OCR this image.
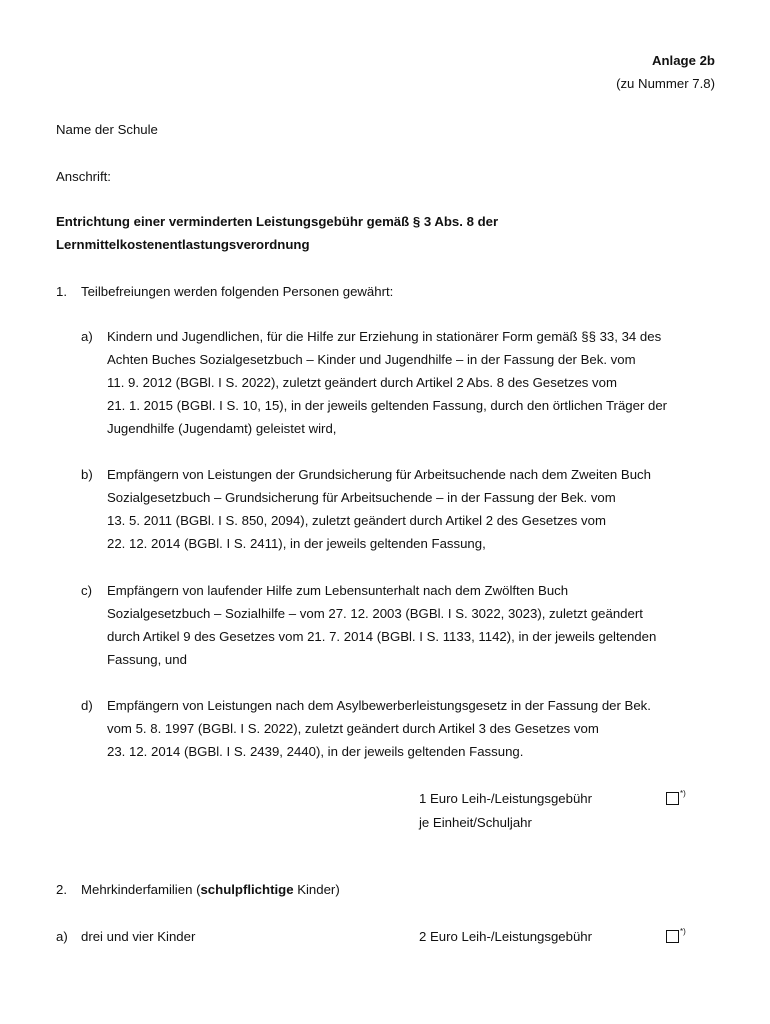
Anlage 2b
(zu Nummer 7.8)
Name der Schule
Anschrift:
Entrichtung einer verminderten Leistungsgebühr gemäß § 3 Abs. 8 der
Lernmittelkostenentlastungsverordnung
1. Teilbefreiungen werden folgenden Personen gewährt:
a) Kindern und Jugendlichen, für die Hilfe zur Erziehung in stationärer Form gemäß §§ 33, 34 des
Achten Buches Sozialgesetzbuch – Kinder und Jugendhilfe – in der Fassung der Bek. vom
11. 9. 2012 (BGBl. I S. 2022), zuletzt geändert durch Artikel 2 Abs. 8 des Gesetzes vom
21. 1. 2015 (BGBl. I S. 10, 15), in der jeweils geltenden Fassung, durch den örtlichen Träger der
Jugendhilfe (Jugendamt) geleistet wird,
b) Empfängern von Leistungen der Grundsicherung für Arbeitsuchende nach dem Zweiten Buch
Sozialgesetzbuch – Grundsicherung für Arbeitsuchende – in der Fassung der Bek. vom
13. 5. 2011 (BGBl. I S. 850, 2094), zuletzt geändert durch Artikel 2 des Gesetzes vom
22. 12. 2014 (BGBl. I S. 2411), in der jeweils geltenden Fassung,
c) Empfängern von laufender Hilfe zum Lebensunterhalt nach dem Zwölften Buch
Sozialgesetzbuch – Sozialhilfe – vom 27. 12. 2003 (BGBl. I S. 3022, 3023), zuletzt geändert
durch Artikel 9 des Gesetzes vom 21. 7. 2014 (BGBl. I S. 1133, 1142), in der jeweils geltenden
Fassung, und
d) Empfängern von Leistungen nach dem Asylbewerberleistungsgesetz in der Fassung der Bek.
vom 5. 8. 1997 (BGBl. I S. 2022), zuletzt geändert durch Artikel 3 des Gesetzes vom
23. 12. 2014 (BGBl. I S. 2439, 2440), in der jeweils geltenden Fassung.
1 Euro Leih-/Leistungsgebühr
je Einheit/Schuljahr
*)
2. Mehrkinderfamilien (schulpflichtige Kinder)
a) drei und vier Kinder	2 Euro Leih-/Leistungsgebühr	*)
